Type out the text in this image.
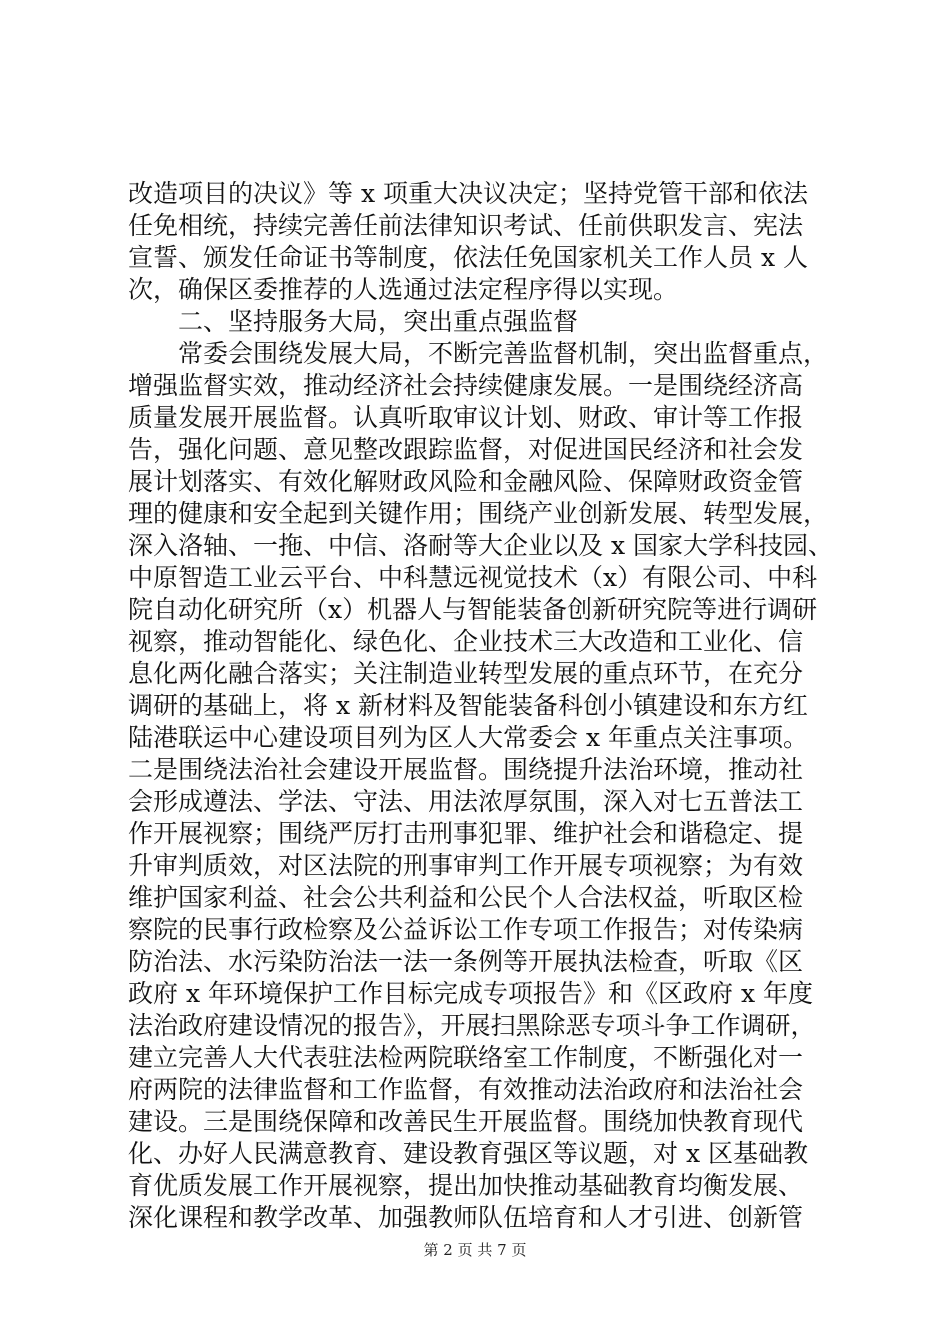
改造项目的决议》等 x 项重大决议决定；坚持党管干部和依法
任免相统，持续完善任前法律知识考试、任前供职发言、宪法
宣誓、颁发任命证书等制度，依法任免国家机关工作人员 x 人
次，确保区委推荐的人选通过法定程序得以实现。
　　二、坚持服务大局，突出重点强监督
　　常委会围绕发展大局，不断完善监督机制，突出监督重点，
增强监督实效，推动经济社会持续健康发展。一是围绕经济高
质量发展开展监督。认真听取审议计划、财政、审计等工作报
告，强化问题、意见整改跟踪监督，对促进国民经济和社会发
展计划落实、有效化解财政风险和金融风险、保障财政资金管
理的健康和安全起到关键作用；围绕产业创新发展、转型发展，
深入洛轴、一拖、中信、洛耐等大企业以及 x 国家大学科技园、
中原智造工业云平台、中科慧远视觉技术（x）有限公司、中科
院自动化研究所（x）机器人与智能装备创新研究院等进行调研
视察，推动智能化、绿色化、企业技术三大改造和工业化、信
息化两化融合落实；关注制造业转型发展的重点环节，在充分
调研的基础上，将 x 新材料及智能装备科创小镇建设和东方红
陆港联运中心建设项目列为区人大常委会 x 年重点关注事项。
二是围绕法治社会建设开展监督。围绕提升法治环境，推动社
会形成遵法、学法、守法、用法浓厚氛围，深入对七五普法工
作开展视察；围绕严厉打击刑事犯罪、维护社会和谐稳定、提
升审判质效，对区法院的刑事审判工作开展专项视察；为有效
维护国家利益、社会公共利益和公民个人合法权益，听取区检
察院的民事行政检察及公益诉讼工作专项工作报告；对传染病
防治法、水污染防治法一法一条例等开展执法检查，听取《区
政府 x 年环境保护工作目标完成专项报告》和《区政府 x 年度
法治政府建设情况的报告》，开展扫黑除恶专项斗争工作调研，
建立完善人大代表驻法检两院联络室工作制度，不断强化对一
府两院的法律监督和工作监督，有效推动法治政府和法治社会
建设。三是围绕保障和改善民生开展监督。围绕加快教育现代
化、办好人民满意教育、建设教育强区等议题，对 x 区基础教
育优质发展工作开展视察，提出加快推动基础教育均衡发展、
深化课程和教学改革、加强教师队伍培育和人才引进、创新管
第 2 页 共 7 页
